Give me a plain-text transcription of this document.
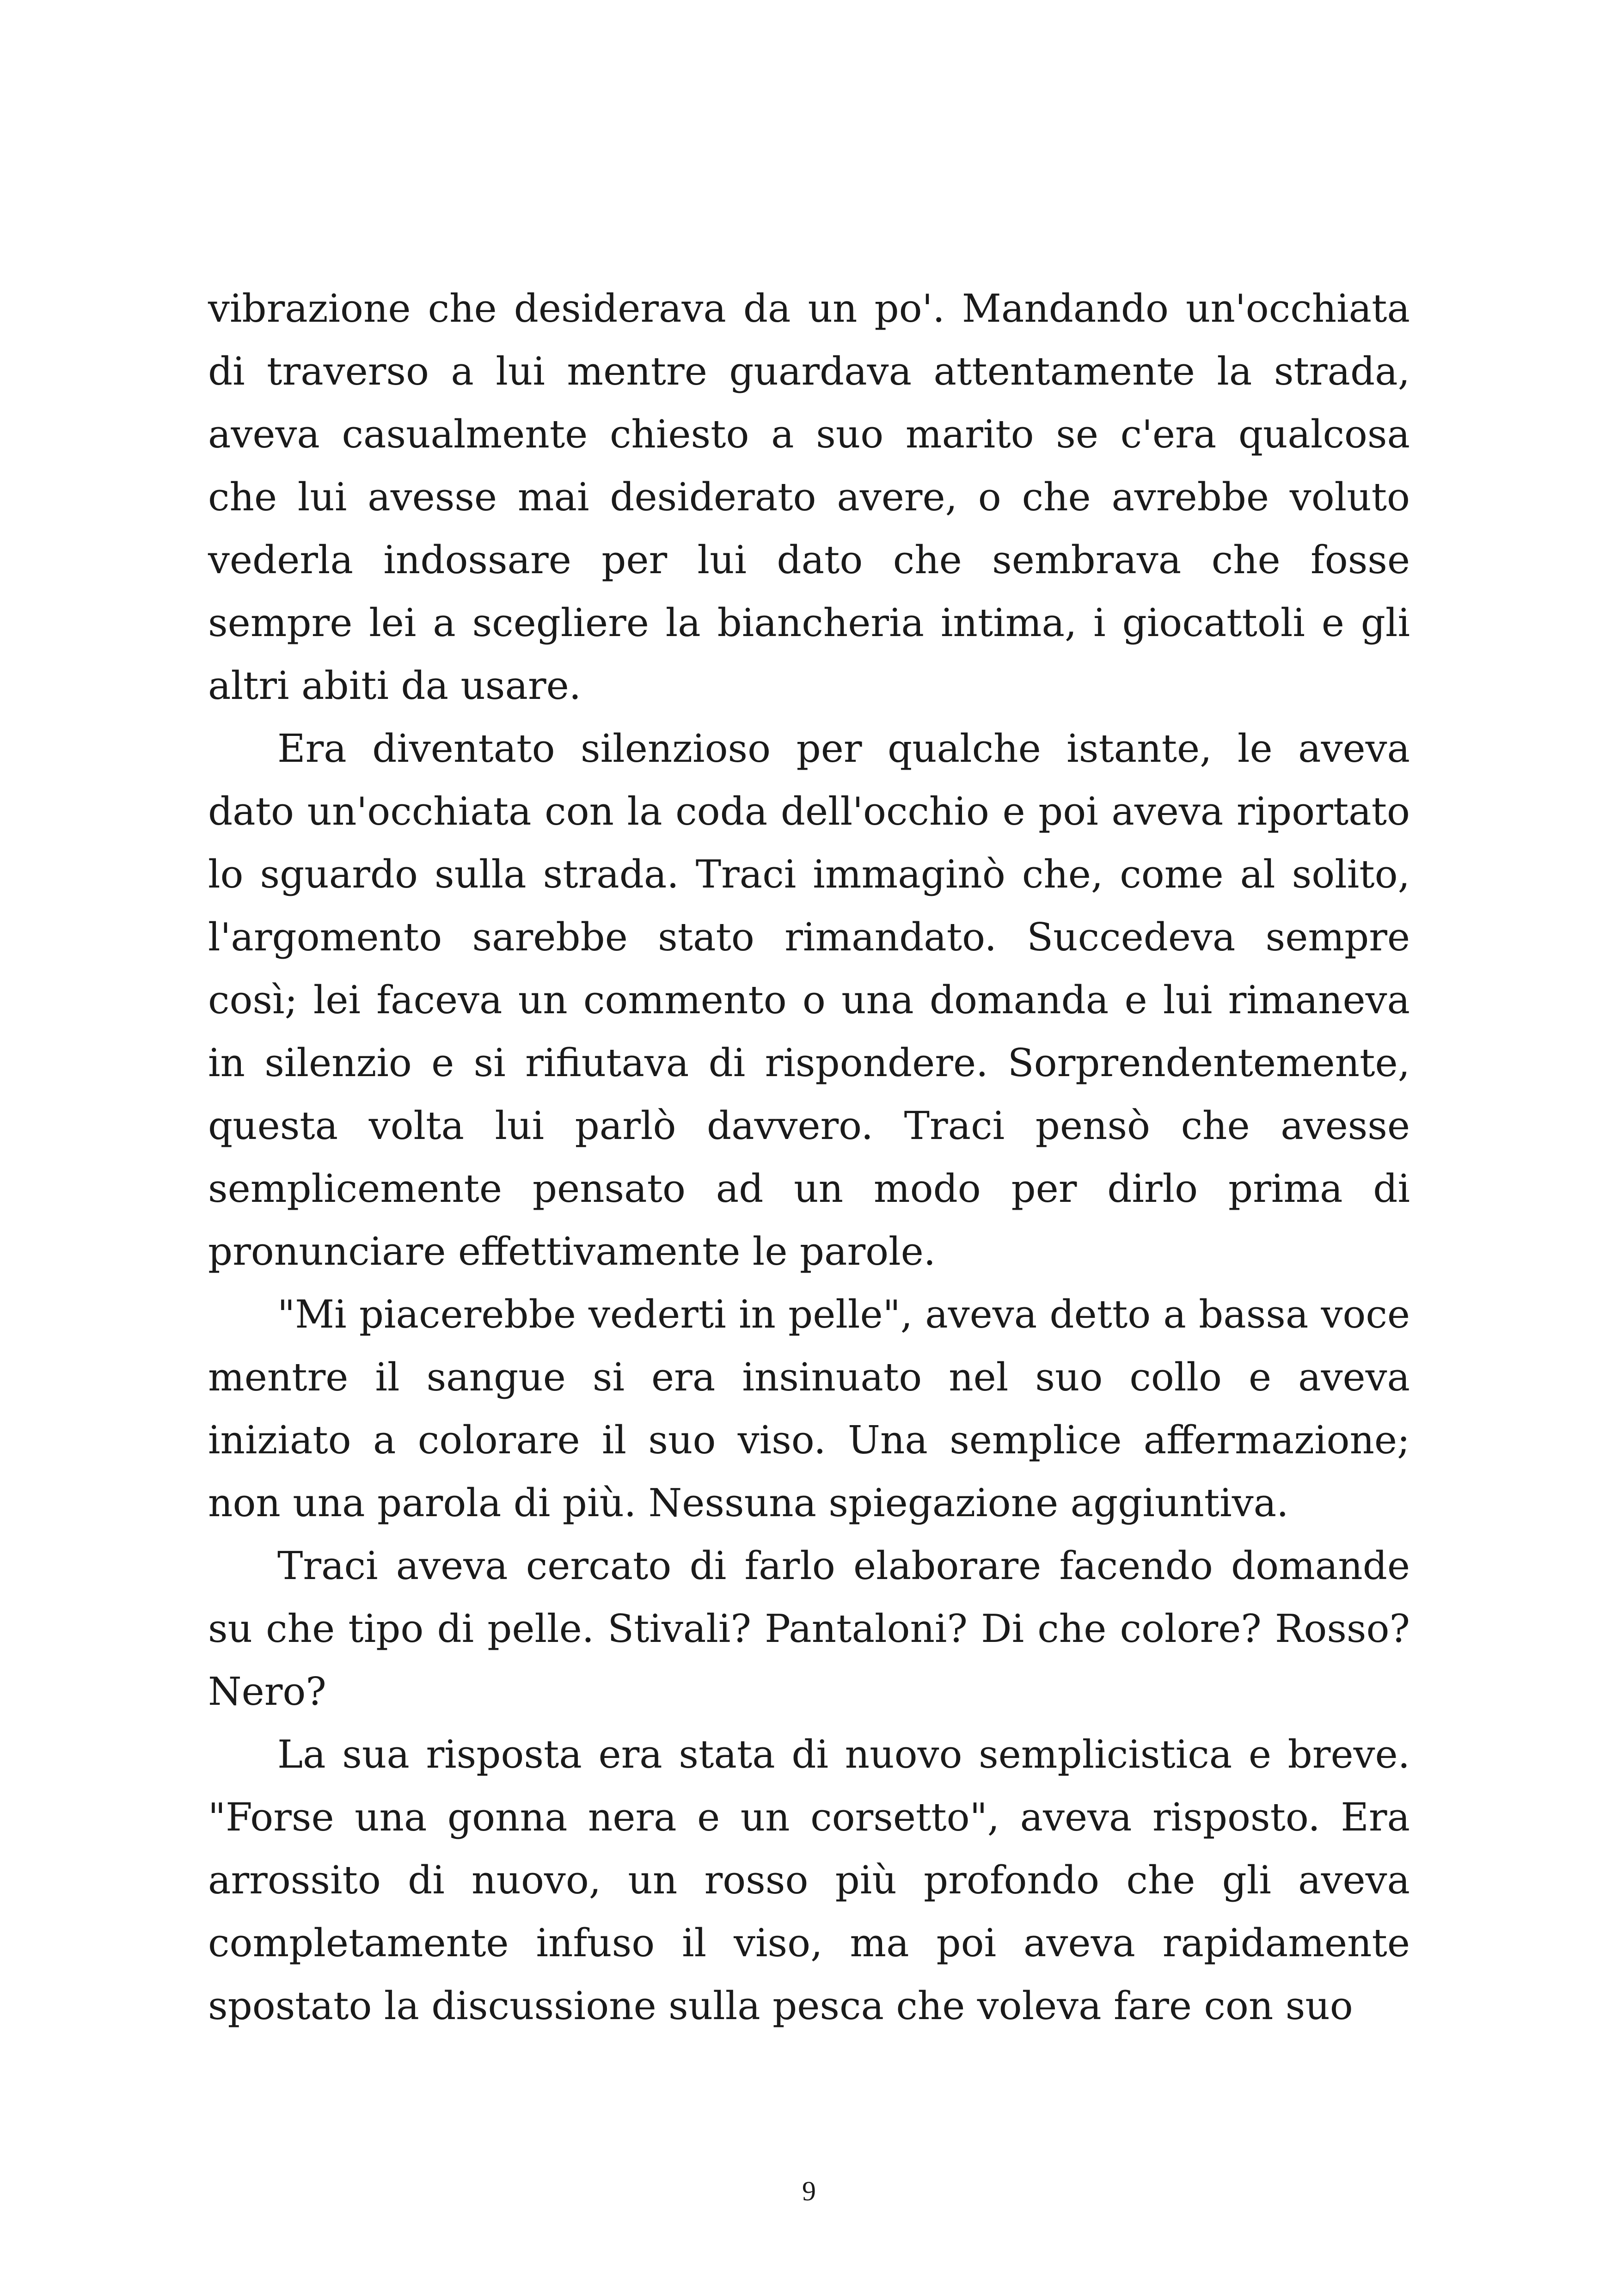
vibrazione che desiderava da un po'. Mandando un'occhiata di traverso a lui mentre guardava attentamente la strada, aveva casualmente chiesto a suo marito se c'era qualcosa che lui avesse mai desiderato avere, o che avrebbe voluto vederla indossare per lui dato che sembrava che fosse sempre lei a scegliere la biancheria intima, i giocattoli e gli altri abiti da usare.

Era diventato silenzioso per qualche istante, le aveva dato un'occhiata con la coda dell'occhio e poi aveva riportato lo sguardo sulla strada. Traci immaginò che, come al solito, l'argomento sarebbe stato rimandato. Succedeva sempre così; lei faceva un commento o una domanda e lui rimaneva in silenzio e si rifiutava di rispondere. Sorprendentemente, questa volta lui parlò davvero. Traci pensò che avesse semplicemente pensato ad un modo per dirlo prima di pronunciare effettivamente le parole.

"Mi piacerebbe vederti in pelle", aveva detto a bassa voce mentre il sangue si era insinuato nel suo collo e aveva iniziato a colorare il suo viso. Una semplice affermazione; non una parola di più. Nessuna spiegazione aggiuntiva.

Traci aveva cercato di farlo elaborare facendo domande su che tipo di pelle. Stivali? Pantaloni? Di che colore? Rosso? Nero?

La sua risposta era stata di nuovo semplicistica e breve. "Forse una gonna nera e un corsetto", aveva risposto. Era arrossito di nuovo, un rosso più profondo che gli aveva completamente infuso il viso, ma poi aveva rapidamente spostato la discussione sulla pesca che voleva fare con suo

9
